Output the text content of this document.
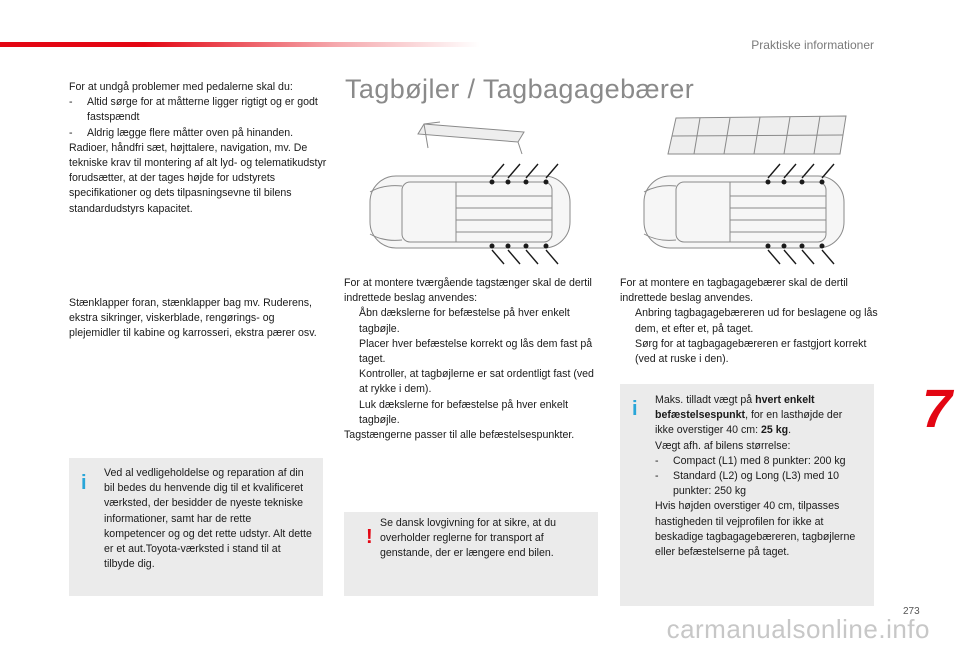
Praktiske informationer
7
273
carmanualsonline.info

For at undgå problemer med pedalerne skal du:

-	Altid sørge for at måtterne ligger rigtigt og er godt fastspændt
-	Aldrig lægge flere måtter oven på hinanden.

Radioer, håndfri sæt, højttalere, navigation, mv. De tekniske krav til montering af alt lyd- og telematikudstyr forudsætter, at der tages højde for udstyrets specifikationer og dets tilpasningsevne til bilens standardudstyrs kapacitet.

Stænklapper foran, stænklapper bag mv. Ruderens, ekstra sikringer, viskerblade, rengørings- og plejemidler til kabine og karrosseri, ekstra pærer osv.

i Ved al vedligeholdelse og reparation af din bil bedes du henvende dig til et kvalificeret værksted, der besidder de nyeste tekniske informationer, samt har de rette kompetencer og og det rette udstyr. Alt dette er et aut.Toyota-værksted i stand til at tilbyde dig.

Tagbøjler / Tagbagagebærer

For at montere tværgående tagstænger skal de dertil indrettede beslag anvendes:

Åbn dækslerne for befæstelse på hver enkelt tagbøjle.
Placer hver befæstelse korrekt og lås dem fast på taget.
Kontroller, at tagbøjlerne er sat ordentligt fast (ved at rykke i dem).
Luk dækslerne for befæstelse på hver enkelt tagbøjle.

Tagstængerne passer til alle befæstelsespunkter.

!

Se dansk lovgivning for at sikre, at du overholder reglerne for transport af genstande, der er længere end bilen.

For at montere en tagbagagebærer skal de dertil indrettede beslag anvendes.

Anbring tagbagagebæreren ud for beslagene og lås dem, et efter et, på taget.
Sørg for at tagbagagebæreren er fastgjort korrekt (ved at ruske i den).
i Maks. tilladt vægt på hvert enkelt befæstelsespunkt, for en lasthøjde der ikke overstiger 40 cm: 25 kg.

Vægt afh. af bilens størrelse:

-	Compact (L1) med 8 punkter: 200 kg
-	Standard (L2) og Long (L3) med 10 punkter: 250 kg

Hvis højden overstiger 40 cm, tilpasses hastigheden til vejprofilen for ikke at beskadige tagbagagebæreren, tagbøjlerne eller befæstelserne på taget.
